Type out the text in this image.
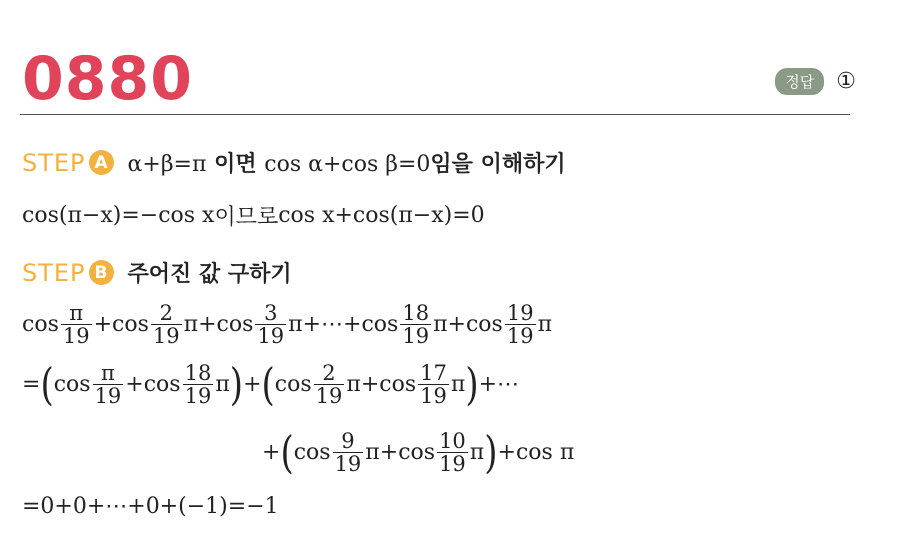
0880	정답	①
STEP A α+β=π 이면 cos α+cos β=0임을 이해하기
cos(π−x)=−cos x 이므로 cos x+cos(π−x)=0
STEP B 주어진 값 구하기
$\cos \frac{\pi}{19} + \cos \frac{2}{19}$ $\pi + \cos \frac{3}{19}$ π +⋯+ $\cos \frac{18}{19}$ $\pi + \cos \frac{19}{19}$ π
= ( $\cos \frac{\pi}{19} + \cos \frac{18}{19}$ π ) + ( $\cos \frac{2}{19}$ $\pi + \cos \frac{17}{19}$ π ) +⋯
+ ( $\cos \frac{9}{19}$ $\pi + \cos \frac{10}{19}$ π ) +cos π
=0+0+⋯+0+(−1)=−1
